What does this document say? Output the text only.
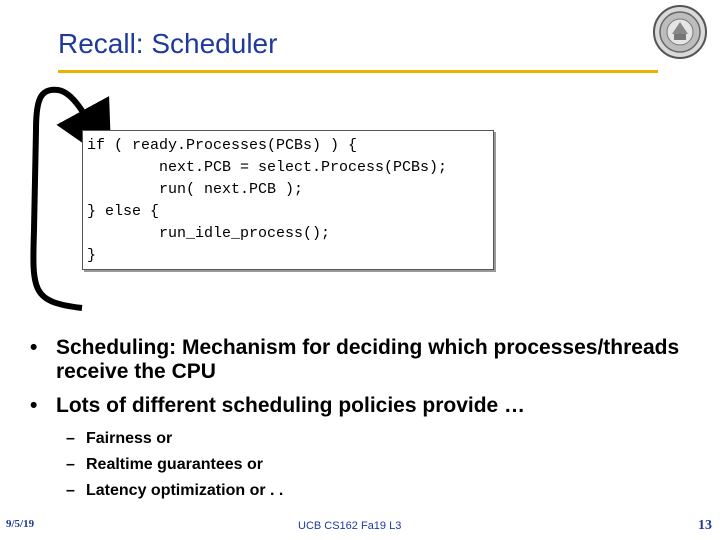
Recall: Scheduler
if ( ready.Processes(PCBs) ) {
next.PCB = select.Process(PCBs);
run( next.PCB );
} else {
run_idle_process();
}
• Scheduling: Mechanism for deciding which processes/threads receive the CPU
• Lots of different scheduling policies provide …
– Fairness or
– Realtime guarantees or
– Latency optimization or . .
9/5/19	UCB CS162 Fa19 L3	13
